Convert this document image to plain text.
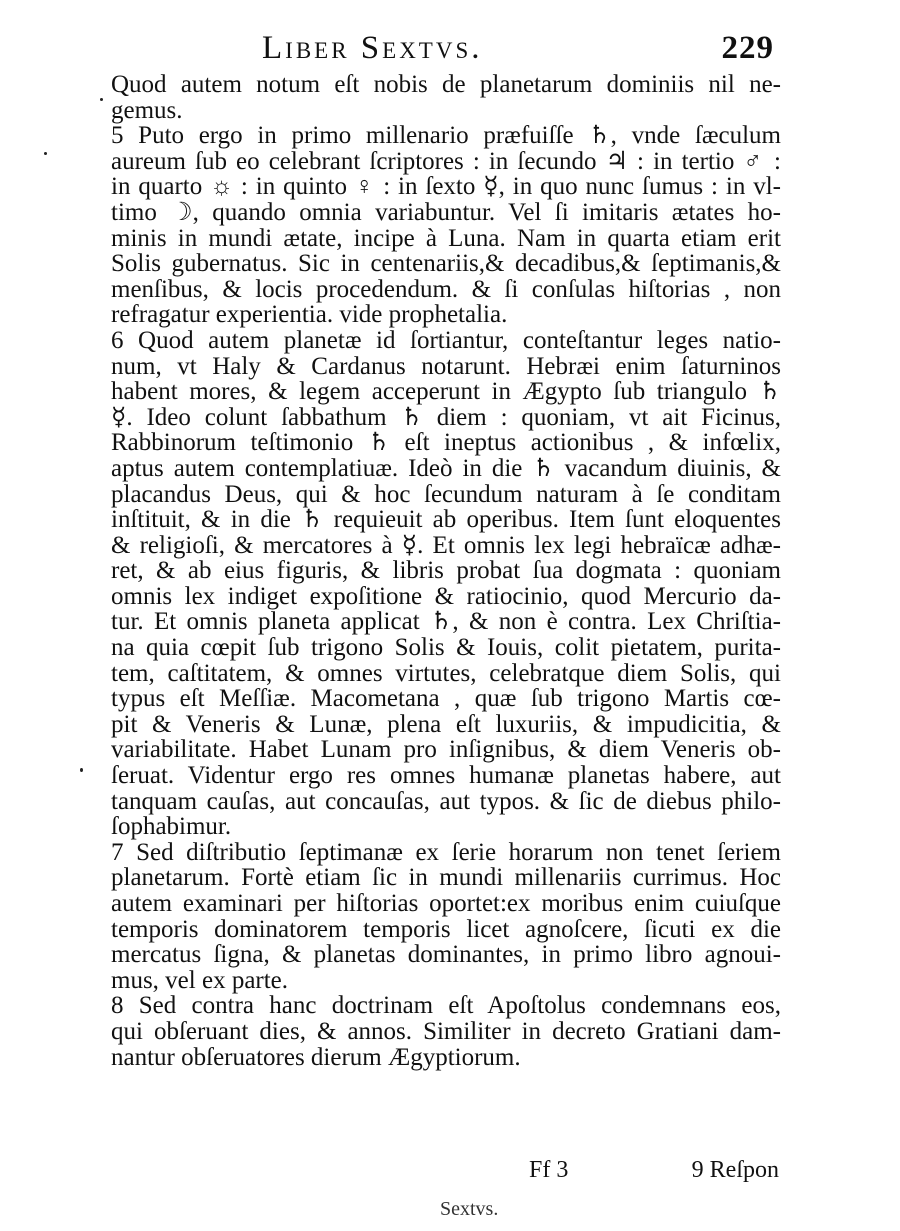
Liber Sextvs.	229
Quod autem notum eſt nobis de planetarum dominiis nil ne-
gemus.
5 Puto ergo in primo millenario præfuiſſe ♄, vnde ſæculum
aureum ſub eo celebrant ſcriptores : in ſecundo ♃ : in tertio ♂ :
in quarto ☼ : in quinto ♀ : in ſexto ☿, in quo nunc ſumus : in vl-
timo ☽, quando omnia variabuntur. Vel ſi imitaris ætates ho-
minis in mundi ætate, incipe à Luna. Nam in quarta etiam erit
Solis gubernatus. Sic in centenariis,& decadibus,& ſeptimanis,&
menſibus, & locis procedendum. & ſi conſulas hiſtorias , non
refragatur experientia. vide prophetalia.
6 Quod autem planetæ id ſortiantur, conteſtantur leges natio-
num, vt Haly & Cardanus notarunt. Hebræi enim ſaturninos
habent mores, & legem acceperunt in Ægypto ſub triangulo ♄
☿. Ideo colunt ſabbathum ♄ diem : quoniam, vt ait Ficinus,
Rabbinorum teſtimonio ♄ eſt ineptus actionibus , & infœlix,
aptus autem contemplatiuæ. Ideò in die ♄ vacandum diuinis, &
placandus Deus, qui & hoc ſecundum naturam à ſe conditam
inſtituit, & in die ♄ requieuit ab operibus. Item ſunt eloquentes
& religioſi, & mercatores à ☿. Et omnis lex legi hebraïcæ adhæ-
ret, & ab eius figuris, & libris probat ſua dogmata : quoniam
omnis lex indiget expoſitione & ratiocinio, quod Mercurio da-
tur. Et omnis planeta applicat ♄, & non è contra. Lex Chriſtia-
na quia cœpit ſub trigono Solis & Iouis, colit pietatem, purita-
tem, caſtitatem, & omnes virtutes, celebratque diem Solis, qui
typus eſt Meſſiæ. Macometana , quæ ſub trigono Martis cœ-
pit & Veneris & Lunæ, plena eſt luxuriis, & impudicitia, &
variabilitate. Habet Lunam pro inſignibus, & diem Veneris ob-
ſeruat. Videntur ergo res omnes humanæ planetas habere, aut
tanquam cauſas, aut concauſas, aut typos. & ſic de diebus philo-
ſophabimur.
7 Sed diſtributio ſeptimanæ ex ſerie horarum non tenet ſeriem
planetarum. Fortè etiam ſic in mundi millenariis currimus. Hoc
autem examinari per hiſtorias oportet:ex moribus enim cuiuſque
temporis dominatorem temporis licet agnoſcere, ſicuti ex die
mercatus ſigna, & planetas dominantes, in primo libro agnoui-
mus, vel ex parte.
8 Sed contra hanc doctrinam eſt Apoſtolus condemnans eos,
qui obſeruant dies, & annos. Similiter in decreto Gratiani dam-
nantur obſeruatores dierum Ægyptiorum.
Ff 3	9 Reſpon
Sextvs.
